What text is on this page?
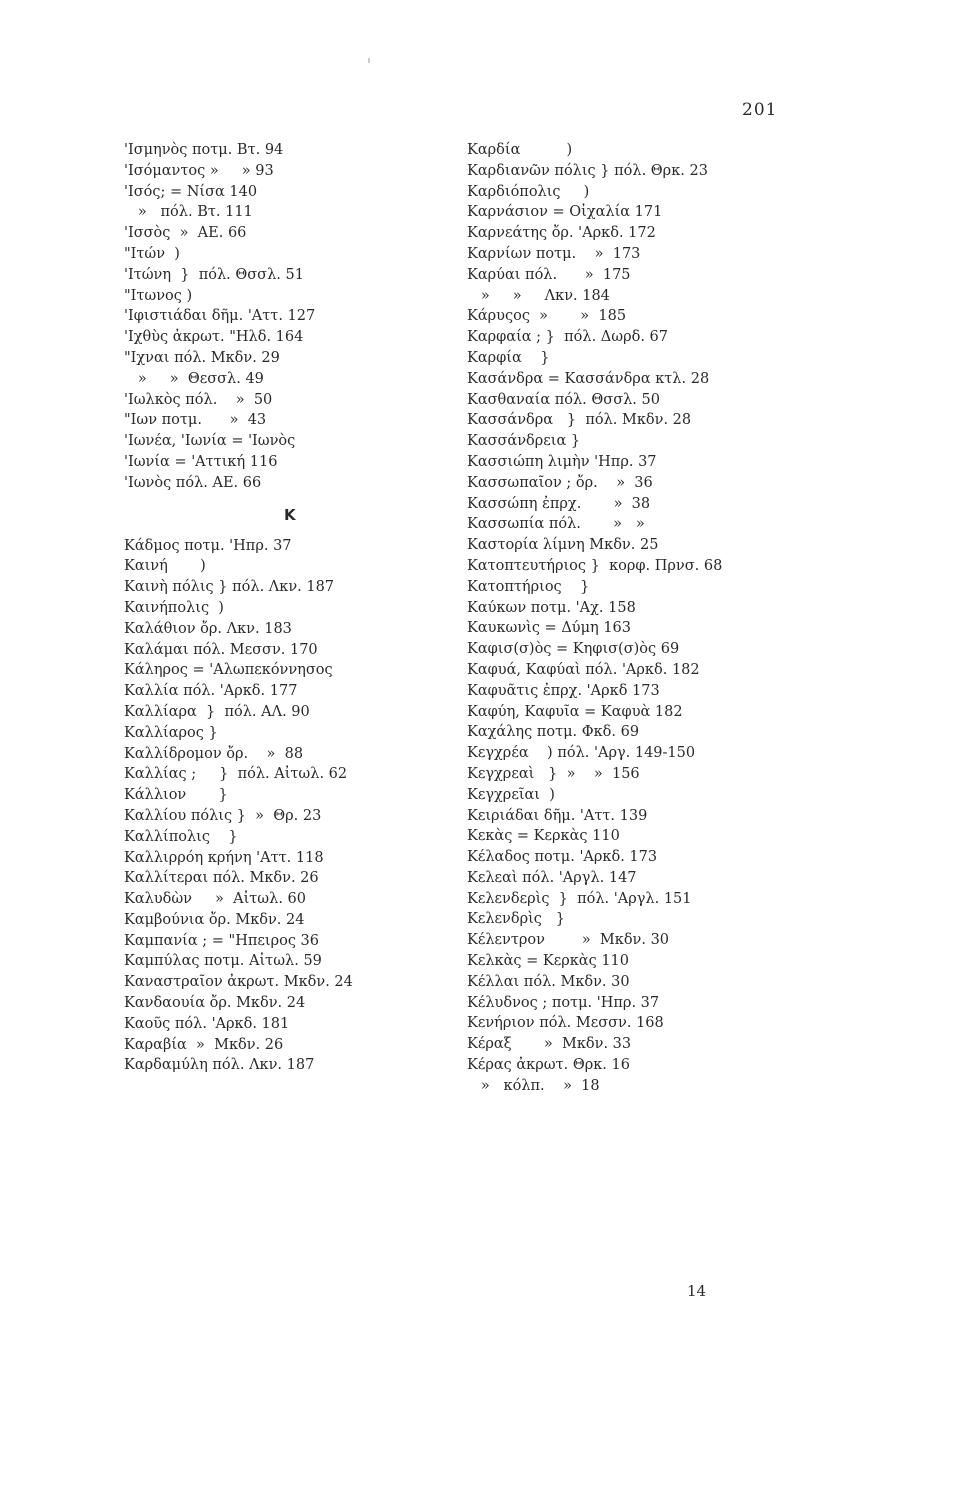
201
'Ισμηνὸς ποτμ. Βτ. 94
'Ισόμαντος »     » 93
'Ισός; = Νίσα 140
»   πόλ. Βτ. 111
'Ισσὸς  »  ΑΕ. 66
"Ιτών  )
'Ιτώνη  }  πόλ. Θσσλ. 51
"Ιτωνος )
'Ιφιστιάδαι δῆμ. 'Αττ. 127
'Ιχθὺς ἀκρωτ. "Ηλδ. 164
"Ιχναι πόλ. Μκδν. 29
»     »  Θεσσλ. 49
'Ιωλκὸς πόλ.    »  50
"Ιων ποτμ.      »  43
'Ιωνέα, 'Ιωνία = 'Ιωνὸς
'Ιωνία = 'Αττική 116
'Ιωνὸς πόλ. ΑΕ. 66
K
Κάδμος ποτμ. 'Ηπρ. 37
Καινή       )
Καινὴ πόλις } πόλ. Λκν. 187
Καινήπολις  )
Καλάθιον ὄρ. Λκν. 183
Καλάμαι πόλ. Μεσσν. 170
Κάληρος = 'Αλωπεκόννησος
Καλλία πόλ. 'Αρκδ. 177
Καλλίαρα  }  πόλ. ΑΛ. 90
Καλλίαρος }
Καλλίδρομον ὄρ.    »  88
Καλλίας ;     }  πόλ. Αἰτωλ. 62
Κάλλιον       }
Καλλίου πόλις }  »  Θρ. 23
Καλλίπολις    }
Καλλιρρόη κρήνη 'Αττ. 118
Καλλίτεραι πόλ. Μκδν. 26
Καλυδὼν     »  Αἰτωλ. 60
Καμβούνια ὄρ. Μκδν. 24
Καμπανία ; = "Ηπειρος 36
Καμπύλας ποτμ. Αἰτωλ. 59
Καναστραῖον ἀκρωτ. Μκδν. 24
Κανδαουία ὄρ. Μκδν. 24
Καοῦς πόλ. 'Αρκδ. 181
Καραβία  »  Μκδν. 26
Καρδαμύλη πόλ. Λκν. 187
Καρδία          )
Καρδιανῶν πόλις } πόλ. Θρκ. 23
Καρδιόπολις     )
Καρνάσιον = Οἰχαλία 171
Καρνεάτης ὄρ. 'Αρκδ. 172
Καρνίων ποτμ.    »  173
Καρύαι πόλ.      »  175
»     »     Λκν. 184
Κάρυςος  »       »  185
Καρφαία ; }  πόλ. Δωρδ. 67
Καρφία    }
Κασάνδρα = Κασσάνδρα κτλ. 28
Κασθαναία πόλ. Θσσλ. 50
Κασσάνδρα   }  πόλ. Μκδν. 28
Κασσάνδρεια }
Κασσιώπη λιμὴν 'Ηπρ. 37
Κασσωπαῖον ; ὄρ.    »  36
Κασσώπη ἐπρχ.       »  38
Κασσωπία πόλ.       »   »
Καστορία λίμνη Μκδν. 25
Κατοπτευτήριος }  κορφ. Πρνσ. 68
Κατοπτήριος    }
Καύκων ποτμ. 'Αχ. 158
Καυκωνὶς = Δύμη 163
Καφισ(σ)ὸς = Κηφισ(σ)ὸς 69
Καφυά, Καφύαὶ πόλ. 'Αρκδ. 182
Καφυᾶτις ἐπρχ. 'Αρκδ 173
Καφύη, Καφυῖα = Καφυὰ 182
Καχάλης ποτμ. Φκδ. 69
Κεγχρέα    ) πόλ. 'Αργ. 149-150
Κεγχρεαὶ   }  »    »  156
Κεγχρεῖαι  )
Κειριάδαι δῆμ. 'Αττ. 139
Κεκὰς = Κερκὰς 110
Κέλαδος ποτμ. 'Αρκδ. 173
Κελεαὶ πόλ. 'Αργλ. 147
Κελενδερὶς  }  πόλ. 'Αργλ. 151
Κελενδρὶς   }
Κέλεντρον        »  Μκδν. 30
Κελκὰς = Κερκὰς 110
Κέλλαι πόλ. Μκδν. 30
Κέλυδνος ; ποτμ. 'Ηπρ. 37
Κενήριον πόλ. Μεσσν. 168
Κέραξ       »  Μκδν. 33
Κέρας ἀκρωτ. Θρκ. 16
»   κόλπ.    »  18
14
